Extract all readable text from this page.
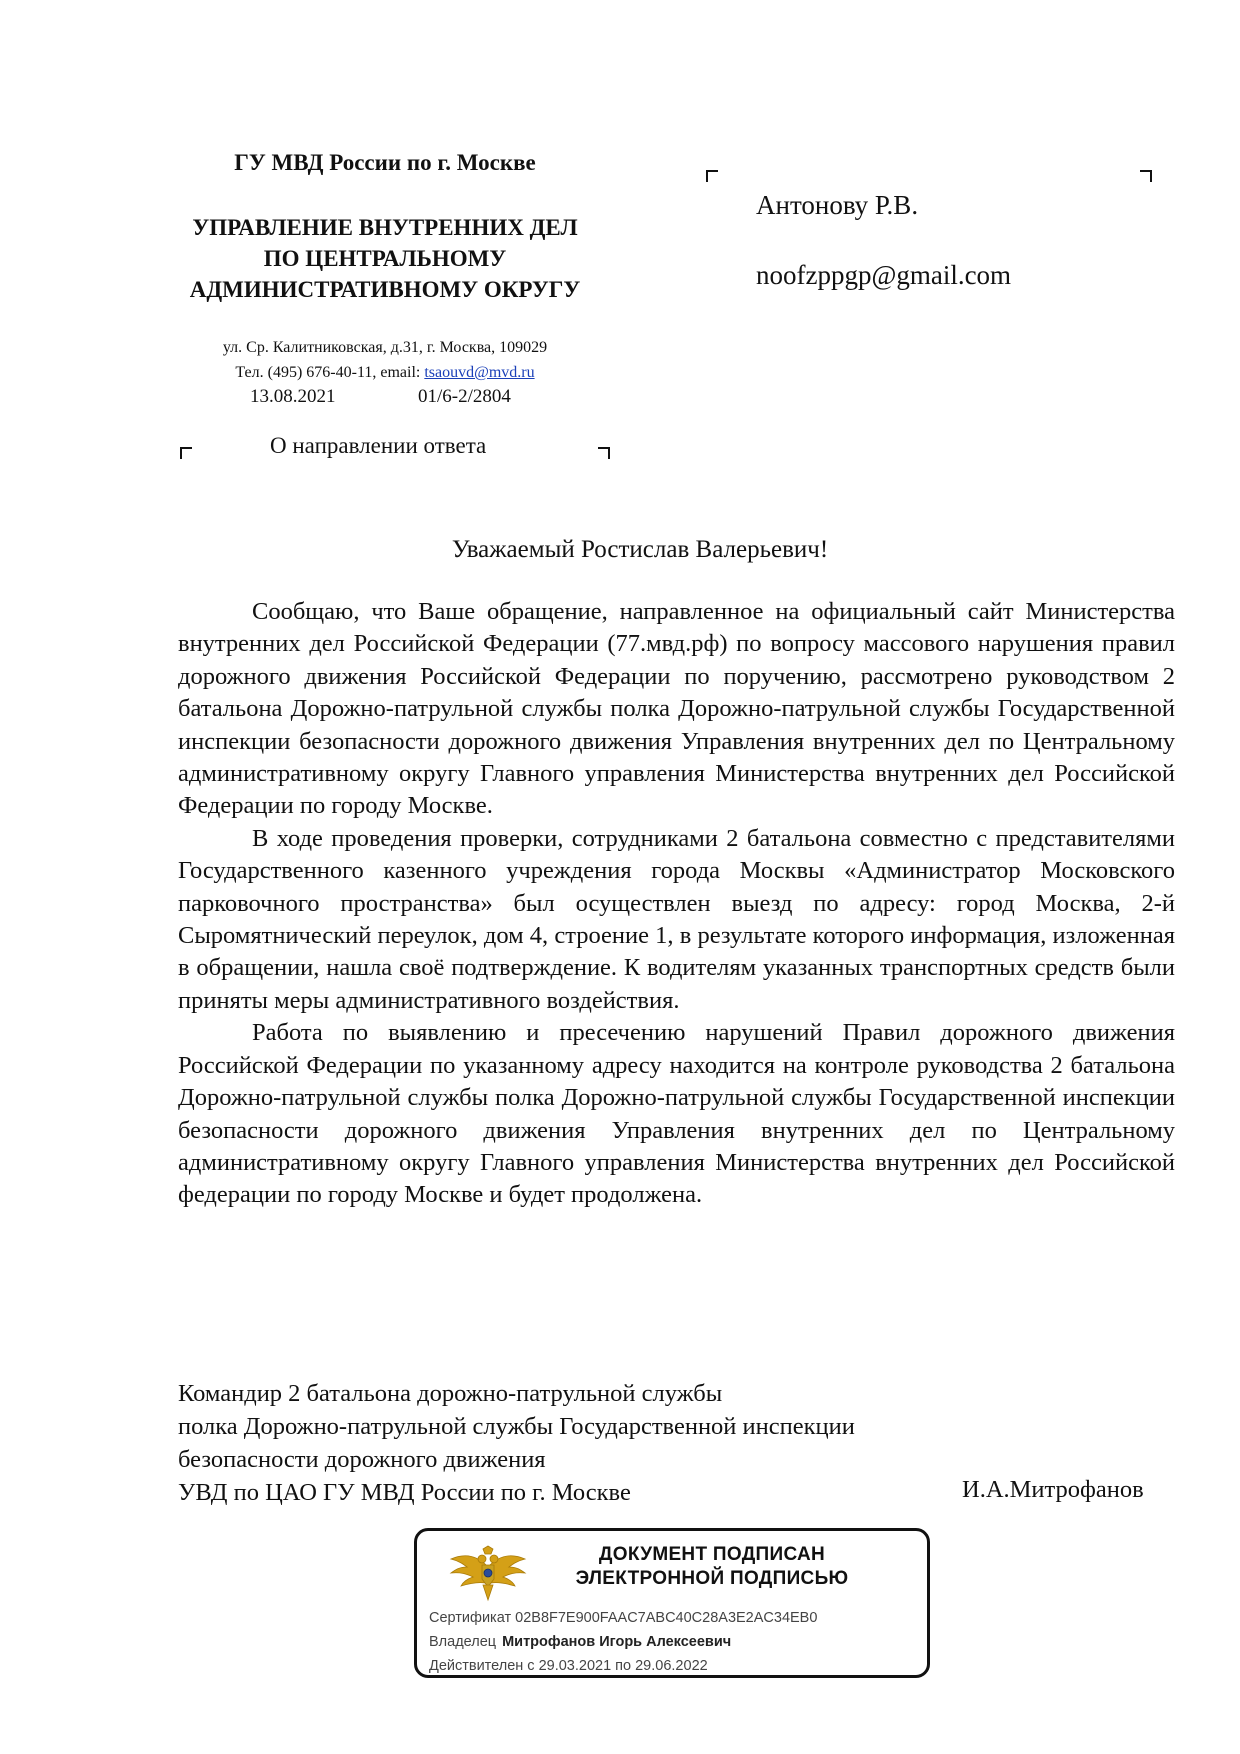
ГУ МВД России по г. Москве
УПРАВЛЕНИЕ ВНУТРЕННИХ ДЕЛ
ПО ЦЕНТРАЛЬНОМУ
АДМИНИСТРАТИВНОМУ ОКРУГУ
ул. Ср. Калитниковская, д.31, г. Москва, 109029
Тел. (495) 676-40-11, email: tsaouvd@mvd.ru
13.08.2021	01/6-2/2804
О направлении ответа
Антонову Р.В.
noofzppgp@gmail.com
Уважаемый Ростислав Валерьевич!

Сообщаю, что Ваше обращение, направленное на официальный сайт Министерства внутренних дел Российской Федерации (77.мвд.рф) по вопросу массового нарушения правил дорожного движения Российской Федерации по поручению, рассмотрено руководством 2 батальона Дорожно-патрульной службы полка Дорожно-патрульной службы Государственной инспекции безопасности дорожного движения Управления внутренних дел по Центральному административному округу Главного управления Министерства внутренних дел Российской Федерации по городу Москве.

В ходе проведения проверки, сотрудниками 2 батальона совместно с представителями Государственного казенного учреждения города Москвы «Администратор Московского парковочного пространства» был осуществлен выезд по адресу: город Москва, 2-й Сыромятнический переулок, дом 4, строение 1, в результате которого информация, изложенная в обращении, нашла своё подтверждение. К водителям указанных транспортных средств были приняты меры административного воздействия.

Работа по выявлению и пресечению нарушений Правил дорожного движения Российской Федерации по указанному адресу находится на контроле руководства 2 батальона Дорожно-патрульной службы полка Дорожно-патрульной службы Государственной инспекции безопасности дорожного движения Управления внутренних дел по Центральному административному округу Главного управления Министерства внутренних дел Российской федерации по городу Москве и будет продолжена.

Командир 2 батальона дорожно-патрульной службы
полка Дорожно-патрульной службы Государственной инспекции
безопасности дорожного движения
УВД по ЦАО ГУ МВД России по г. Москве	И.А.Митрофанов
ДОКУМЕНТ ПОДПИСАН
ЭЛЕКТРОННОЙ ПОДПИСЬЮ
Сертификат 02B8F7E900FAAC7ABC40C28A3E2AC34EB0
Владелец Митрофанов Игорь Алексеевич
Действителен с 29.03.2021 по 29.06.2022
